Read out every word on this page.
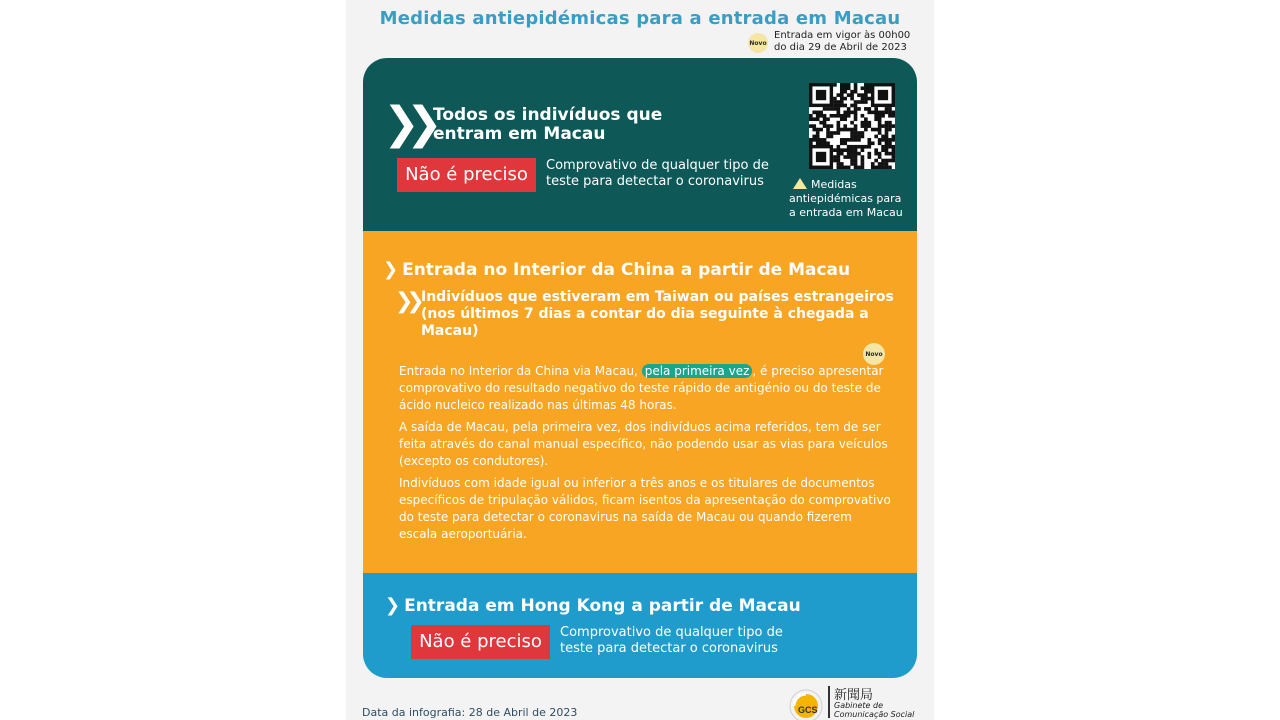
Medidas antiepidémicas para a entrada em Macau
Novo
Entrada em vigor às 00h00
do dia 29 de Abril de 2023
❯❯ Todos os indivíduos que
entram em Macau
Não é preciso	Comprovativo de qualquer tipo de
teste para detectar o coronavirus	Medidas
antiepidémicas para
a entrada em Macau
❯ Entrada no Interior da China a partir de Macau
❯❯ Indivíduos que estiveram em Taiwan ou países estrangeiros
(nos últimos 7 dias a contar do dia seguinte à chegada a
Macau)
Novo
Entrada no Interior da China via Macau, pela primeira vez , é preciso apresentar
comprovativo do resultado negativo do teste rápido de antigénio ou do teste de
ácido nucleico realizado nas últimas 48 horas.
A saída de Macau, pela primeira vez, dos indivíduos acima referidos, tem de ser
feita através do canal manual específico, não podendo usar as vias para veículos
(excepto os condutores).
Indivíduos com idade igual ou inferior a três anos e os titulares de documentos
específicos de tripulação válidos, ficam isentos da apresentação do comprovativo
do teste para detectar o coronavirus na saída de Macau ou quando fizerem
escala aeroportuária.
❯ Entrada em Hong Kong a partir de Macau
Não é preciso	Comprovativo de qualquer tipo de
teste para detectar o coronavirus
Data da infografia: 28 de Abril de 2023	GCS
新聞局
Gabinete de
Comunicação Social
